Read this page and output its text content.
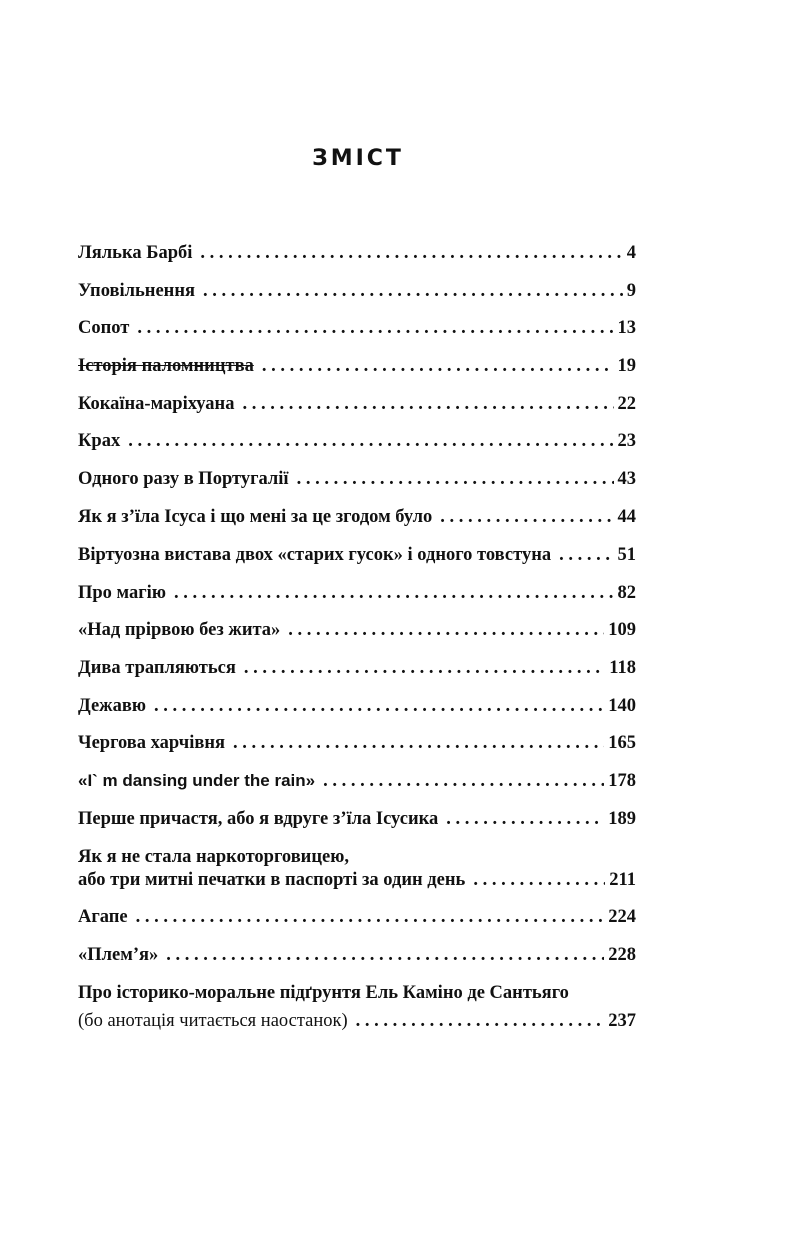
ЗМІСТ
Лялька Барбі . . .	4
Уповільнення . . .	9
Сопот . . .	13
Історія паломництва . . .	19
Кокаїна-маріхуана . . .	22
Крах . . .	23
Одного разу в Португалії . . .	43
Як я з’їла Ісуса і що мені за це згодом було . . .	44
Віртуозна вистава двох «старих гусок» і одного товстуна . . .	51
Про магію . . .	82
«Над прірвою без жита» . . .	109
Дива трапляються . . .	118
Дежавю . . .	140
Чергова харчівня . . .	165
«I` m dansing under the rain» . . .	178
Перше причастя, або я вдруге з’їла Ісусика . . .	189
Як я не стала наркоторговицею,
або три митні печатки в паспорті за один день . . .	211
Агапе . . .	224
«Плем’я» . . .	228
Про історико-моральне підґрунтя Ель Каміно де Сантьяго
(бо анотація читається наостанок) . . .	237
